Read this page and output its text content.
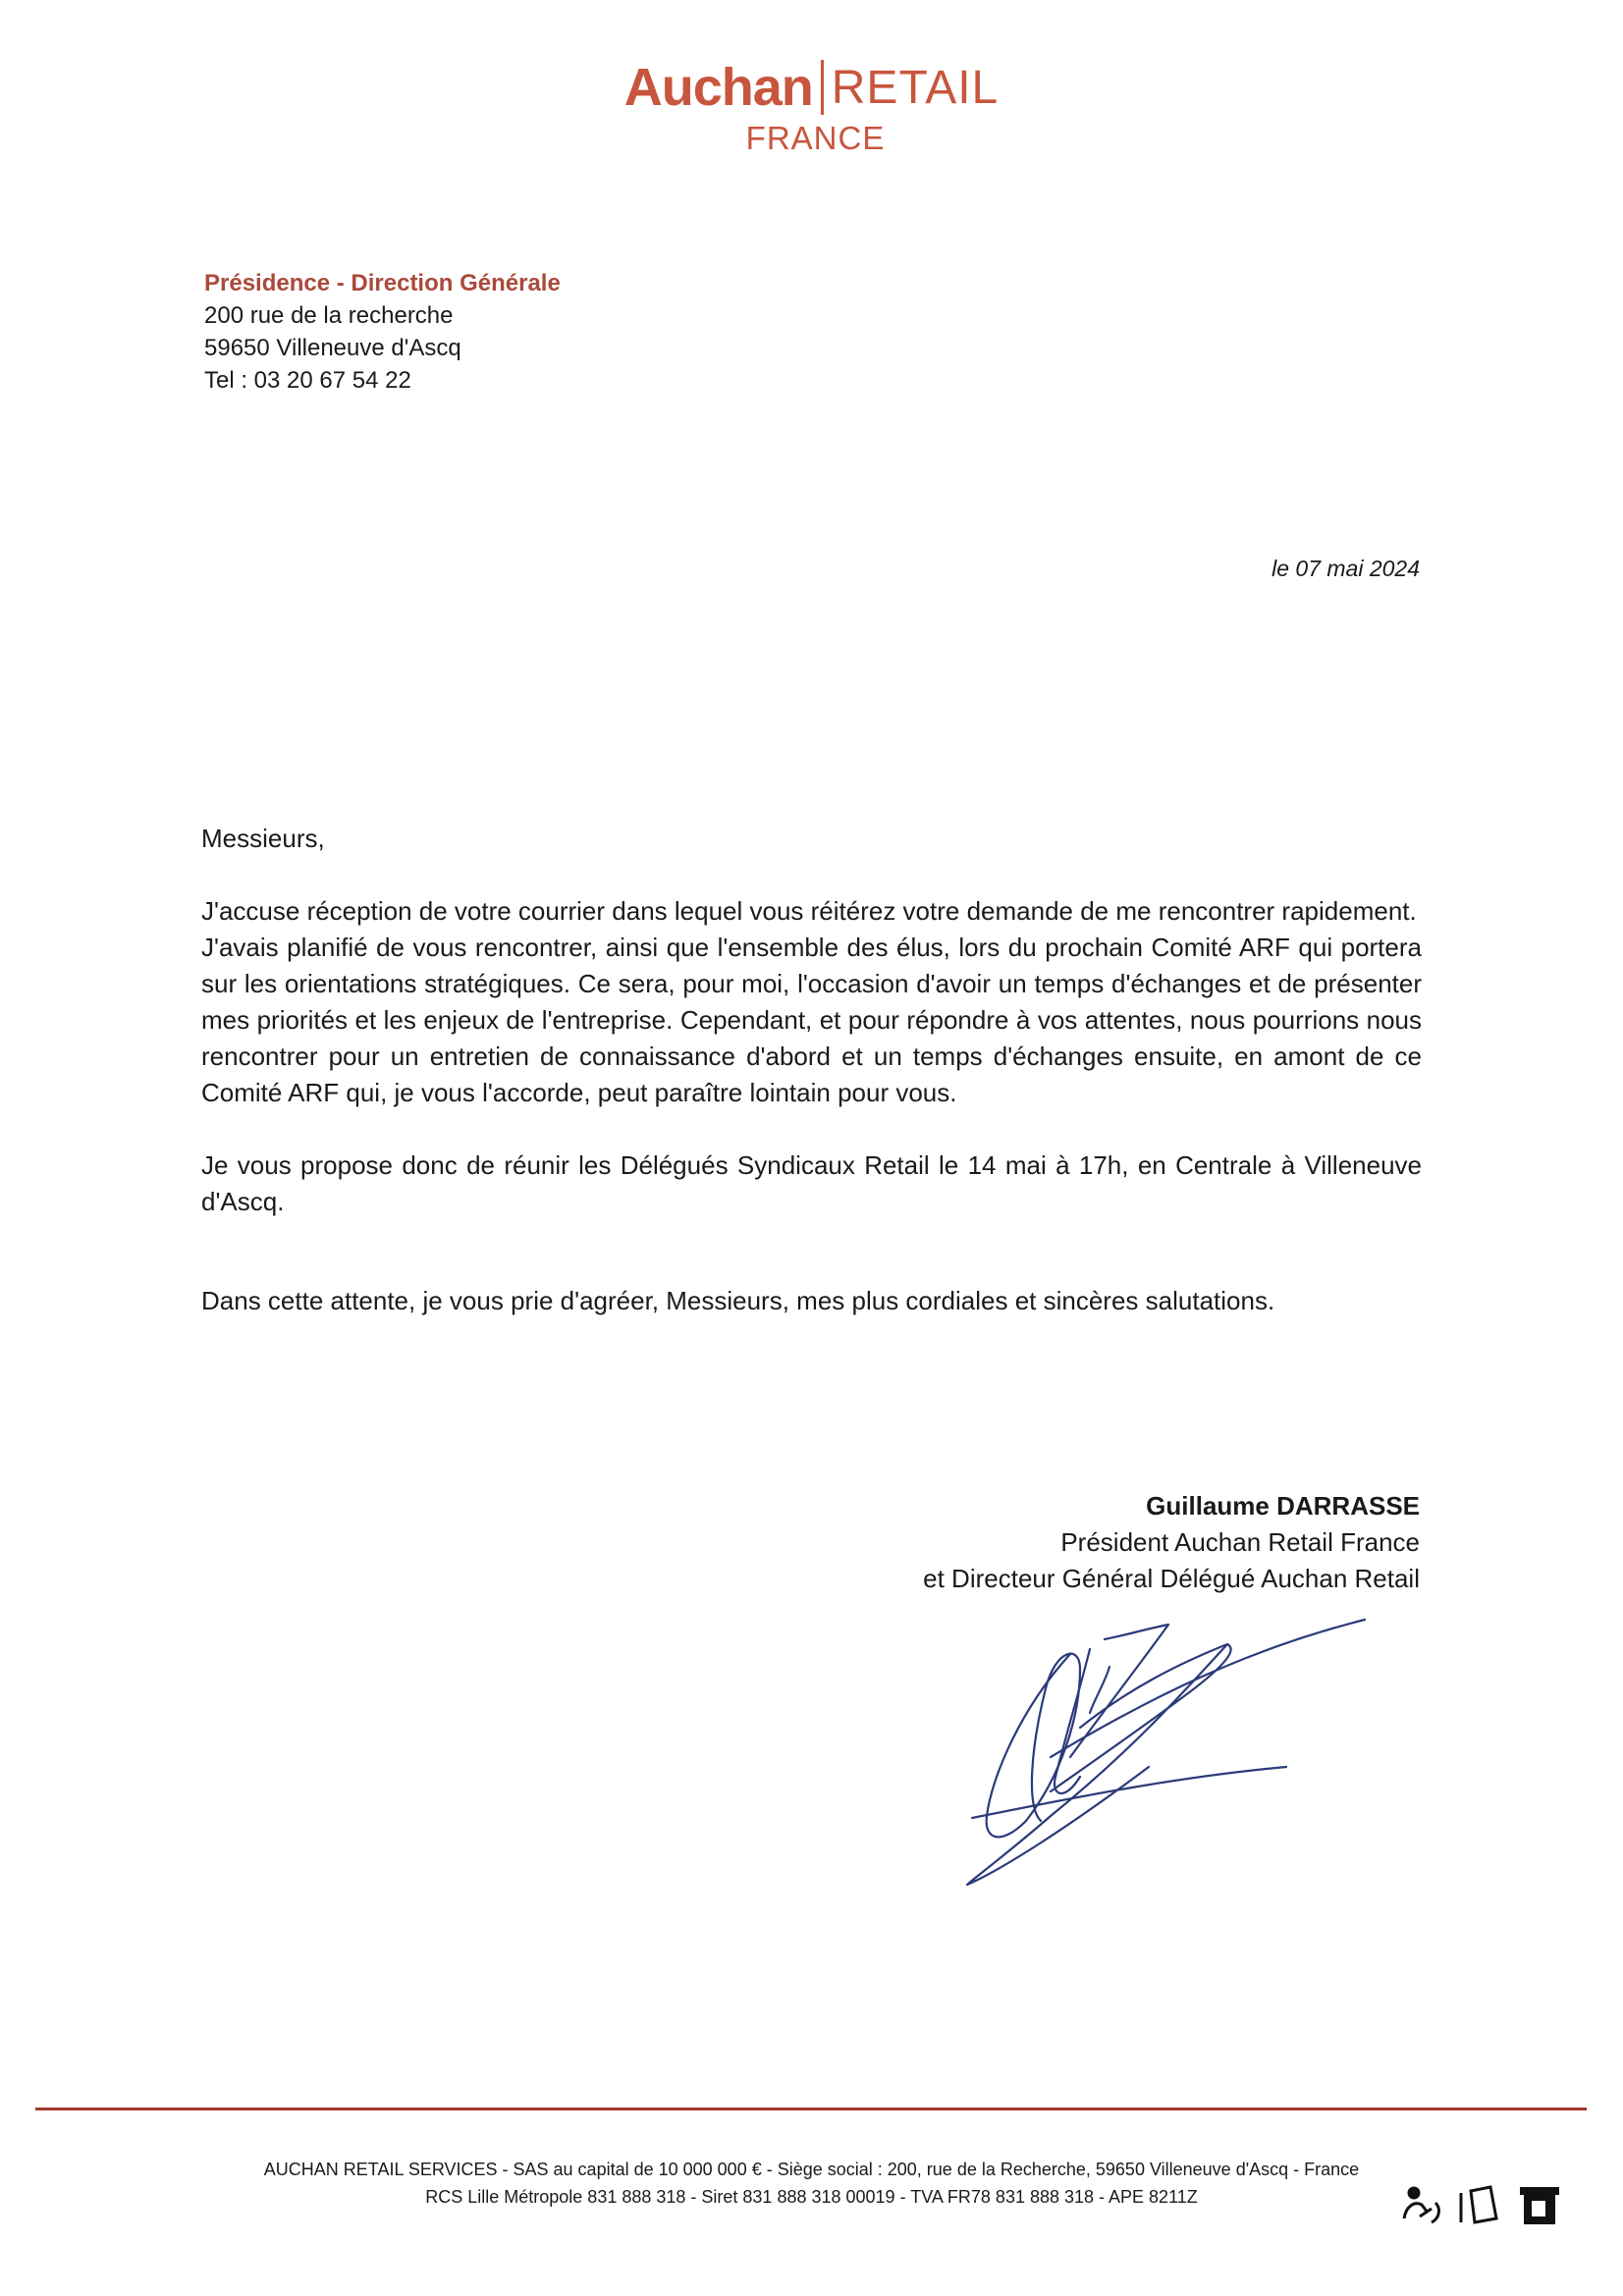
Auchan RETAIL
FRANCE
Présidence - Direction Générale
200 rue de la recherche
59650 Villeneuve d'Ascq
Tel : 03 20 67 54 22
le 07 mai 2024

Messieurs,

J'accuse réception de votre courrier dans lequel vous réitérez votre demande de me rencontrer rapidement.

J'avais planifié de vous rencontrer, ainsi que l'ensemble des élus, lors du prochain Comité ARF qui portera sur les orientations stratégiques. Ce sera, pour moi, l'occasion d'avoir un temps d'échanges et de présenter mes priorités et les enjeux de l'entreprise. Cependant, et pour répondre à vos attentes, nous pourrions nous rencontrer pour un entretien de connaissance d'abord et un temps d'échanges ensuite, en amont de ce Comité ARF qui, je vous l'accorde, peut paraître lointain pour vous.

Je vous propose donc de réunir les Délégués Syndicaux Retail le 14 mai à 17h, en Centrale à Villeneuve d'Ascq.

Dans cette attente, je vous prie d'agréer, Messieurs, mes plus cordiales et sincères salutations.

Guillaume DARRASSE
Président Auchan Retail France
et Directeur Général Délégué Auchan Retail
AUCHAN RETAIL SERVICES - SAS au capital de 10 000 000 € - Siège social : 200, rue de la Recherche, 59650 Villeneuve d'Ascq - France
RCS Lille Métropole 831 888 318 - Siret 831 888 318 00019 - TVA FR78 831 888 318 - APE 8211Z
